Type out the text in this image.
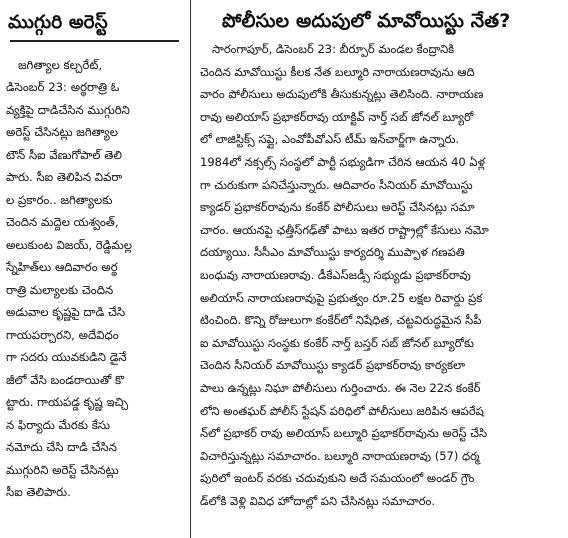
ముగ్గురి అరెస్ట్
జగిత్యాల కల్చరేట్,
డిసెంబర్ 23: అర్థరాత్రి ఓ
వ్యక్తిపై దాడిచేసిన ముగ్గురిని
అరెస్ట్ చేసినట్లు జగిత్యాల
టౌన్ సీఐ వేణుగోపాల్ తెలి
పారు. సీఐ తెలిపిన వివరా
ల ప్రకారం.. జగిత్యాలకు
చెందిన మద్దెల యశ్వంత్,
అలుకుంట విజయ్, రెడ్డిమల్ల
స్నేహిత్‌లు ఆదివారం అర్థ
రాత్రి మల్యాలకు చెందిన
అడువాల కృష్ణపై దాడి చేసి
గాయపర్చారని, అదేవిధం
గా సదరు యువకుడిని డైనే
జీలో వేసి బండరాయితో కొ
ట్టారు. గాయపడ్డ కృష్ణ ఇచ్చి
న ఫిర్యాదు మేరకు కేసు
నమోదు చేసి దాడి చేసిన
ముగ్గురిని అరెస్ట్ చేసినట్లు
సీఐ తెలిపారు.
పోలీసుల అదుపులో మావోయిస్టు నేత?
సారంగాపూర్, డిసెంబర్ 23: బీర్పూర్ మండల కేంద్రానికి
చెందిన మావోయిస్టు కీలక నేత బల్మూరి నారాయణరావును ఆది
వారం పోలీసులు అదుపులోకి తీసుకున్నట్లు తెలిసింది. నారాయణ
రావు అలియాస్ ప్రభాకర్‌రావు యాక్టివ్ నార్త్ సబ్ జోనల్ బ్యూరో
లో లాజిస్టిక్స్ సప్లై, ఎంవోపీవోఎస్ టీమ్ ఇన్‌చార్జ్‌గా ఉన్నారు.
1984లో నక్సల్స్ సంస్థలో పార్టీ సభ్యుడిగా చేరిన ఆయన 40 ఏళ్ల
గా చురుకుగా పనిచేస్తున్నారు. ఆదివారం సీనియర్ మావోయిస్టు
క్యాడర్ ప్రభాకర్‌రావును కంకేర్ పోలీసులు అరెస్ట్ చేసినట్లు సమా
చారం. ఆయనపై ఛత్తీస్‌గఢ్‌తో పాటు ఇతర రాష్ట్రాల్లో కేసులు నమో
దయ్యాయి. సీసీఎం మావోయిస్టు కార్యదర్శి ముప్పాళ గణపతి
బంధువు నారాయణరావు. డీకేఎస్‌జడ్సీ సభ్యుడు ప్రభాకర్‌రావు
అలియాస్ నారాయణరావుపై ప్రభుత్వం రూ.25 లక్షల రివార్డు ప్రక
టించింది. కొన్ని రోజులుగా కంకేర్‌లో నిషేధిత, చట్టవిరుద్ధమైన సీపీ
ఐ మావోయిస్టు సంస్థకు కంకేర్ నార్త్ బస్తర్ సబ్ జోనల్ బ్యూరోకు
చెందిన సీనియర్ మావోయిస్టు క్యాడర్ ప్రభాకర్‌రావు కార్యకలా
పాలు ఉన్నట్లు నిఘా పోలీసులు గుర్తించారు. ఈ నెల 22న కంకేర్
లోని అంతఘర్ పోలీస్ స్టేషన్ పరిధిలో పోలీసులు జరిపిన ఆపరేష
న్‌లో ప్రభాకర్ రావు అలియాస్ బల్మూరి ప్రభాకర్‌రావును అరెస్ట్ చేసి
విచారిస్తున్నట్లు సమాచారం. బల్మూరి నారాయణరావు (57) ధర్మ
పురిలో ఇంటర్ వరకు చదువుకుని అదే సమయంలో అండర్ గ్రౌం
డ్‌లోకి వెళ్లి వివిధ హోదాల్లో పని చేసినట్లు సమాచారం.
